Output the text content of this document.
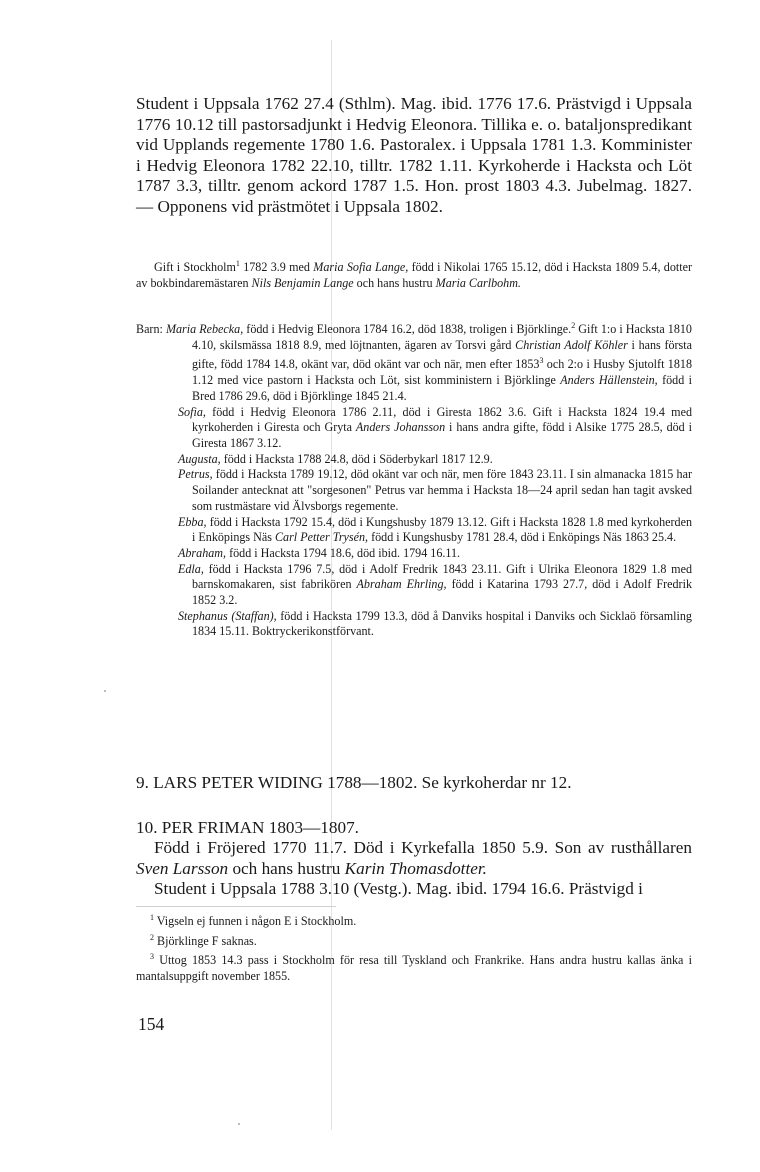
Student i Uppsala 1762 27.4 (Sthlm). Mag. ibid. 1776 17.6. Prästvigd i Uppsala 1776 10.12 till pastorsadjunkt i Hedvig Eleonora. Tillika e. o. bataljonspredikant vid Upplands regemente 1780 1.6. Pastoralex. i Uppsala 1781 1.3. Komminister i Hedvig Eleonora 1782 22.10, tilltr. 1782 1.11. Kyrkoherde i Hacksta och Löt 1787 3.3, tilltr. genom ackord 1787 1.5. Hon. prost 1803 4.3. Jubelmag. 1827. — Opponens vid prästmötet i Uppsala 1802.

Gift i Stockholm$^1$ 1782 3.9 med Maria Sofia Lange, född i Nikolai 1765 15.12, död i Hacksta 1809 5.4, dotter av bokbindaremästaren Nils Benjamin Lange och hans hustru Maria Carlbohm.

Barn: Maria Rebecka, född i Hedvig Eleonora 1784 16.2, död 1838, troligen i Björklinge.$^2$ Gift 1:o i Hacksta 1810 4.10, skilsmässa 1818 8.9, med löjtnanten, ägaren av Torsvi gård Christian Adolf Köhler i hans första gifte, född 1784 14.8, okänt var, död okänt var och när, men efter 1853$^3$ och 2:o i Husby Sjutolft 1818 1.12 med vice pastorn i Hacksta och Löt, sist komministern i Björklinge Anders Hällenstein, född i Bred 1786 29.6, död i Björklinge 1845 21.4.

Sofia, född i Hedvig Eleonora 1786 2.11, död i Giresta 1862 3.6. Gift i Hacksta 1824 19.4 med kyrkoherden i Giresta och Gryta Anders Johansson i hans andra gifte, född i Alsike 1775 28.5, död i Giresta 1867 3.12.

Augusta, född i Hacksta 1788 24.8, död i Söderbykarl 1817 12.9.

Petrus, född i Hacksta 1789 19.12, död okänt var och när, men före 1843 23.11. I sin almanacka 1815 har Soilander antecknat att "sorgesonen" Petrus var hemma i Hacksta 18—24 april sedan han tagit avsked som rustmästare vid Älvsborgs regemente.

Ebba, född i Hacksta 1792 15.4, död i Kungshusby 1879 13.12. Gift i Hacksta 1828 1.8 med kyrkoherden i Enköpings Näs Carl Petter Trysén, född i Kungshusby 1781 28.4, död i Enköpings Näs 1863 25.4.

Abraham, född i Hacksta 1794 18.6, död ibid. 1794 16.11.

Edla, född i Hacksta 1796 7.5, död i Adolf Fredrik 1843 23.11. Gift i Ulrika Eleonora 1829 1.8 med barnskomakaren, sist fabrikören Abraham Ehrling, född i Katarina 1793 27.7, död i Adolf Fredrik 1852 3.2.

Stephanus (Staffan), född i Hacksta 1799 13.3, död å Danviks hospital i Danviks och Sicklaö församling 1834 15.11. Boktryckerikonstförvant.

9. LARS PETER WIDING 1788—1802. Se kyrkoherdar nr 12.
10. PER FRIMAN 1803—1807.

Född i Fröjered 1770 11.7. Död i Kyrkefalla 1850 5.9. Son av rusthållaren Sven Larsson och hans hustru Karin Thomasdotter.

Student i Uppsala 1788 3.10 (Vestg.). Mag. ibid. 1794 16.6. Prästvigd i

$^1$ Vigseln ej funnen i någon E i Stockholm.

$^2$ Björklinge F saknas.

$^3$ Uttog 1853 14.3 pass i Stockholm för resa till Tyskland och Frankrike. Hans andra hustru kallas änka i mantalsuppgift november 1855.

154
